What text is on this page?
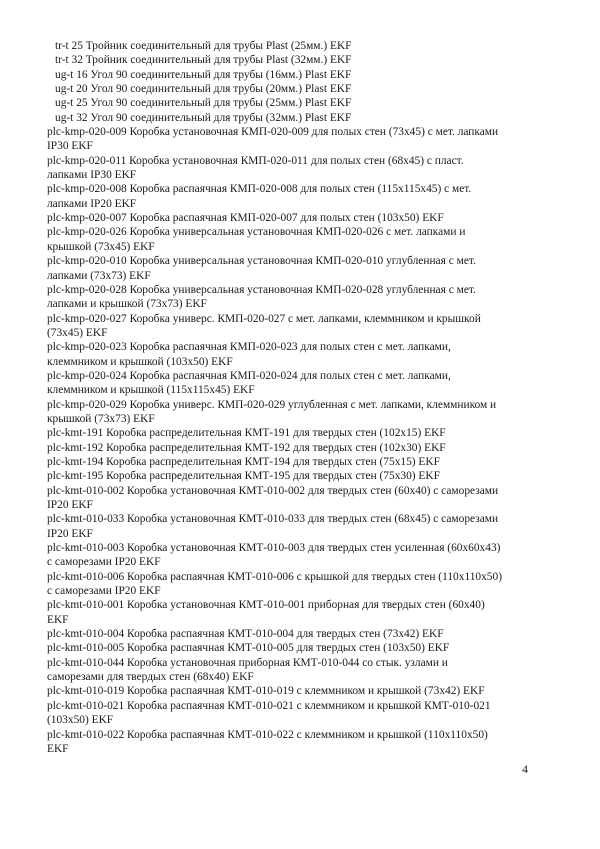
tr-t 25 Тройник соединительный для трубы Plast (25мм.) EKF
tr-t 32 Тройник соединительный для трубы Plast (32мм.) EKF
ug-t 16 Угол 90 соединительный для трубы (16мм.) Plast EKF
ug-t 20 Угол 90 соединительный для трубы (20мм.) Plast EKF
ug-t 25 Угол 90 соединительный для трубы (25мм.) Plast EKF
ug-t 32 Угол 90 соединительный для трубы (32мм.) Plast EKF
plc-kmp-020-009 Коробка установочная КМП-020-009 для полых стен (73x45) с мет. лапками
IP30 EKF
plc-kmp-020-011 Коробка установочная КМП-020-011 для полых стен (68x45) с пласт.
лапками IP30 EKF
plc-kmp-020-008 Коробка распаячная КМП-020-008 для полых стен (115x115x45) с мет.
лапками IP20 EKF
plc-kmp-020-007 Коробка распаячная КМП-020-007 для полых стен (103x50) EKF
plc-kmp-020-026 Коробка универсальная установочная КМП-020-026 с мет. лапками и
крышкой (73x45) EKF
plc-kmp-020-010 Коробка универсальная установочная КМП-020-010 углубленная с мет.
лапками (73x73) EKF
plc-kmp-020-028 Коробка универсальная установочная КМП-020-028 углубленная с мет.
лапками и крышкой (73x73) EKF
plc-kmp-020-027 Коробка универс. КМП-020-027 с мет. лапками, клеммником и крышкой
(73x45) EKF
plc-kmp-020-023 Коробка распаячная КМП-020-023 для полых стен с мет. лапками,
клеммником и крышкой (103x50) EKF
plc-kmp-020-024 Коробка распаячная КМП-020-024 для полых стен с мет. лапками,
клеммником и крышкой (115x115x45) EKF
plc-kmp-020-029 Коробка универс. КМП-020-029 углубленная с мет. лапками, клеммником и
крышкой (73x73) EKF
plc-kmt-191 Коробка распределительная КМТ-191 для твердых стен (102x15) EKF
plc-kmt-192 Коробка распределительная КМТ-192 для твердых стен (102x30) EKF
plc-kmt-194 Коробка распределительная КМТ-194 для твердых стен (75x15) EKF
plc-kmt-195 Коробка распределительная КМТ-195 для твердых стен (75x30) EKF
plc-kmt-010-002 Коробка установочная КМТ-010-002 для твердых стен (60x40) с саморезами
IP20 EKF
plc-kmt-010-033 Коробка установочная КМТ-010-033 для твердых стен (68x45) с саморезами
IP20 EKF
plc-kmt-010-003 Коробка установочная КМТ-010-003 для твердых стен усиленная (60x60x43)
с саморезами IP20 EKF
plc-kmt-010-006 Коробка распаячная КМТ-010-006 с крышкой для твердых стен (110x110x50)
с саморезами IP20 EKF
plc-kmt-010-001 Коробка установочная КМТ-010-001 приборная для твердых стен (60x40)
EKF
plc-kmt-010-004 Коробка распаячная КМТ-010-004 для твердых стен (73x42) EKF
plc-kmt-010-005 Коробка распаячная КМТ-010-005 для твердых стен (103x50) EKF
plc-kmt-010-044 Коробка установочная приборная КМТ-010-044 со стык. узлами и
саморезами для твердых стен (68x40) EKF
plc-kmt-010-019 Коробка распаячная КМТ-010-019 с клеммником и крышкой (73x42) EKF
plc-kmt-010-021 Коробка распаячная КМТ-010-021 с клеммником и крышкой КМТ-010-021
(103x50) EKF
plc-kmt-010-022 Коробка распаячная КМТ-010-022 с клеммником и крышкой (110x110x50)
EKF
4
